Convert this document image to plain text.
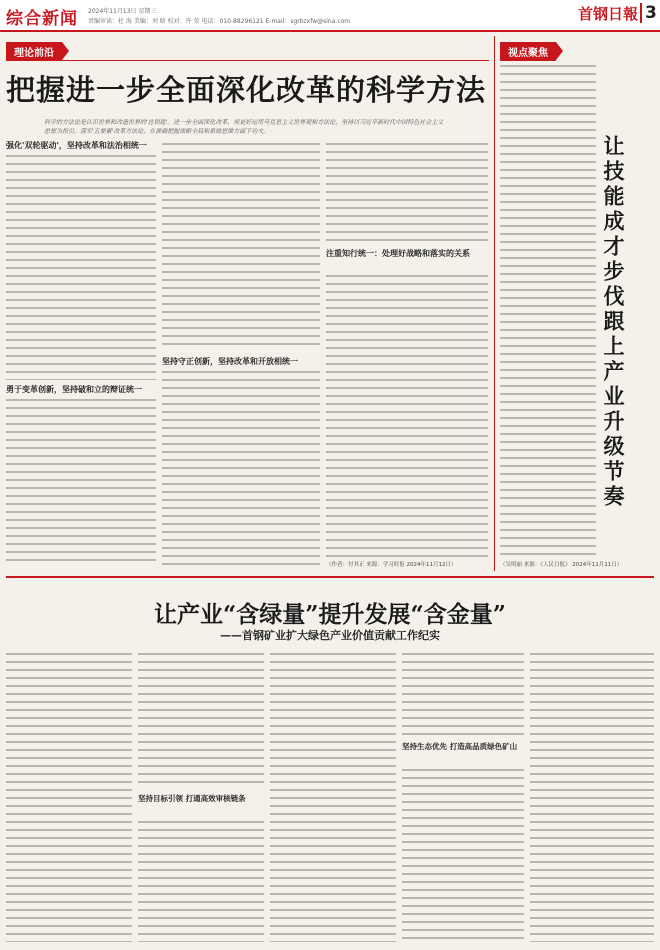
综合新闻 2024年11月13日 星期三
责编审读：杜 海 美编：刘 晗 校对：许 荣 电话：010-88296121 E-mail：sgrbzxfw@sina.com	首钢日報 3
理论前沿
把握进一步全面深化改革的科学方法
科学的方法论是认识世界和改造世界的'总钥匙'。进一步全面深化改革，须更好运用马克思主义世界观和方法论，坚持以习近平新时代中国特色社会主义思想为指引，落实'五要素'改革方法论，在准确把握战略全局和系统思维方面下功夫。
强化'双轮驱动'，坚持改革和法治相统一
勇于变革创新，坚持破和立的辩证统一
坚持守正创新，坚持改革和开放相统一
注重知行统一：处理好战略和落实的关系
（作者：付其正 来源：学习时报 2024年11月12日）
视点聚焦
让技能成才步伐跟上产业升级节奏
（吴明丽 来源：《人民日报》 2024年11月11日）
让产业“含绿量”提升发展“含金量”
——首钢矿业扩大绿色产业价值贡献工作纪实
坚持目标引领 打通高效审核链条
坚持生态优先 打造高品质绿色矿山
